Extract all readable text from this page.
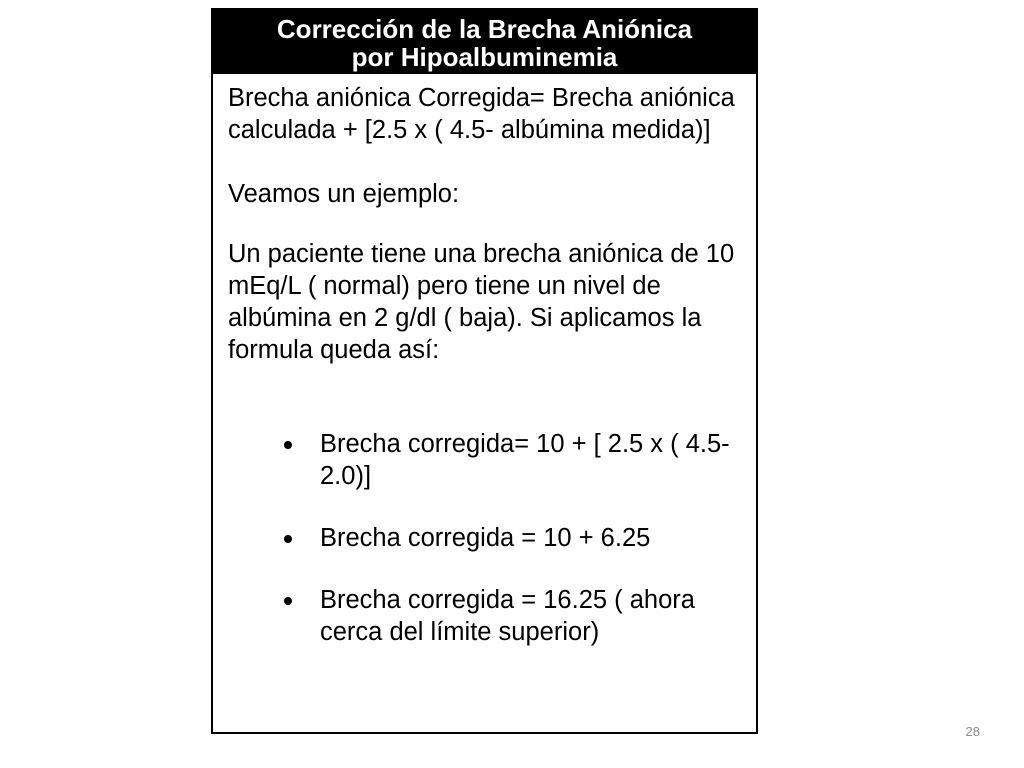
Corrección de la Brecha Aniónica
por Hipoalbuminemia

Brecha aniónica Corregida= Brecha aniónica calculada + [2.5 x ( 4.5- albúmina medida)]

Veamos un ejemplo:

Un paciente tiene una brecha aniónica de 10 mEq/L ( normal) pero tiene un nivel de albúmina en 2 g/dl ( baja). Si aplicamos la formula queda así:

Brecha corregida= 10 + [ 2.5 x ( 4.5-2.0)]
Brecha corregida = 10 + 6.25
Brecha corregida = 16.25 ( ahora cerca del límite superior)
28
